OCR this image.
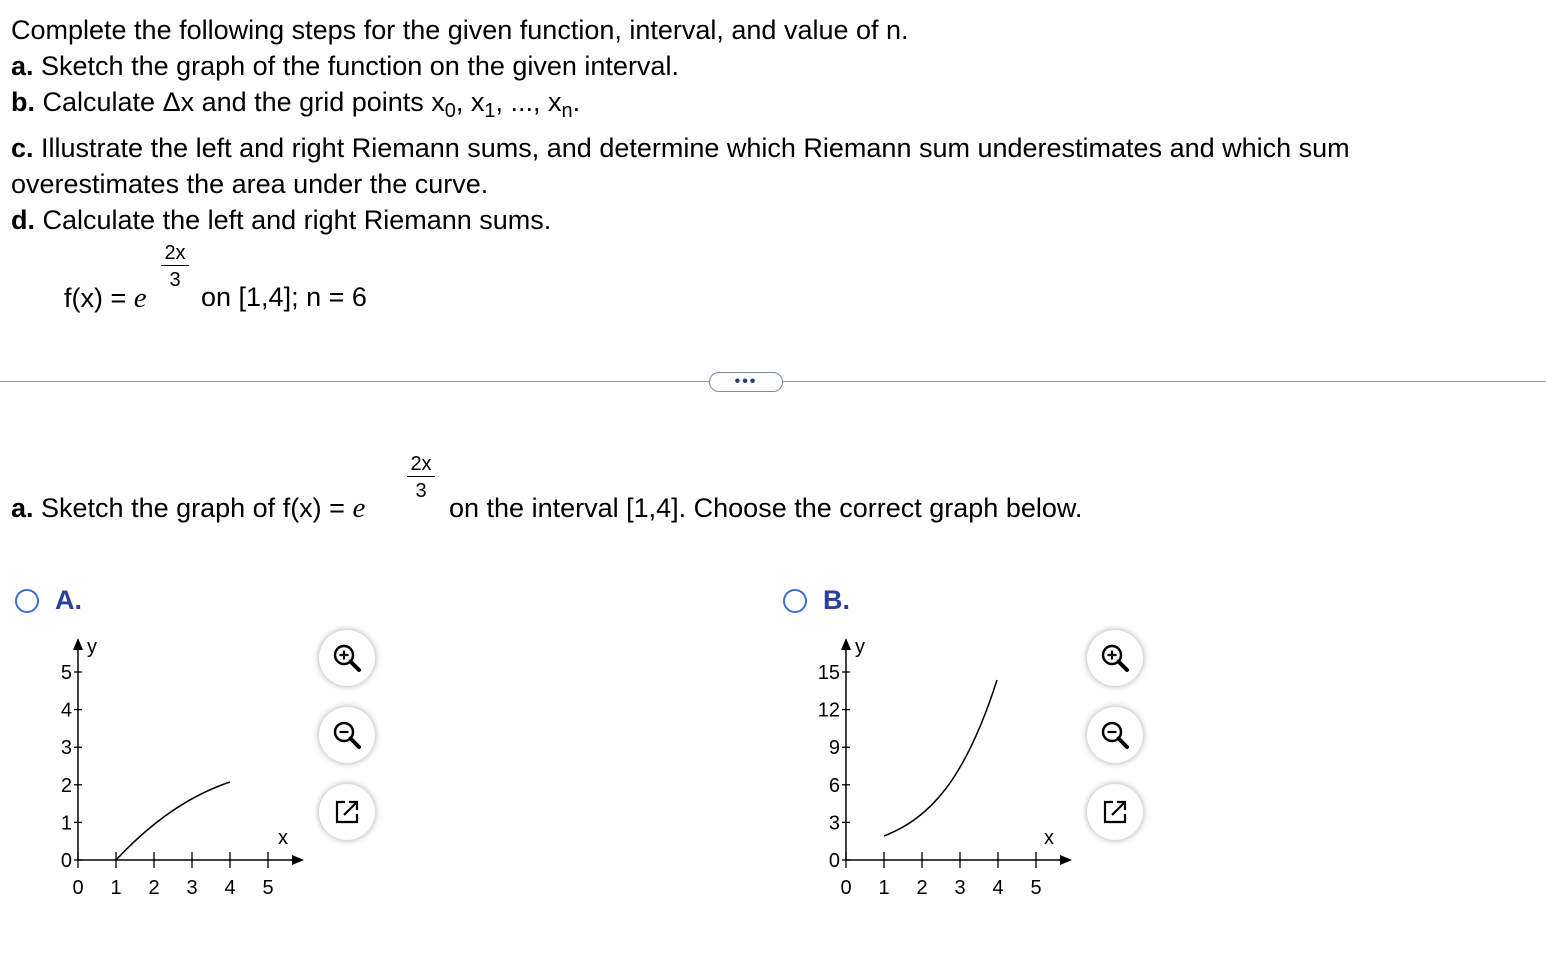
Complete the following steps for the given function, interval, and value of n.
a. Sketch the graph of the function on the given interval.
b. Calculate Δx and the grid points $x_0$, $x_1$, ..., $x_n$.
c. Illustrate the left and right Riemann sums, and determine which Riemann sum underestimates and which sum
overestimates the area under the curve.
d. Calculate the left and right Riemann sums.
f(x) = e
2x
3
on [1,4]; n = 6
•••
a. Sketch the graph of f(x) = e
2x
3
on the interval [1,4]. Choose the correct graph below.
A.
y
x
0
1
2
3
4
5
0 1 2 3 4 5
B.
y
x
0
3
6
9
12
15
0 1 2 3 4 5
